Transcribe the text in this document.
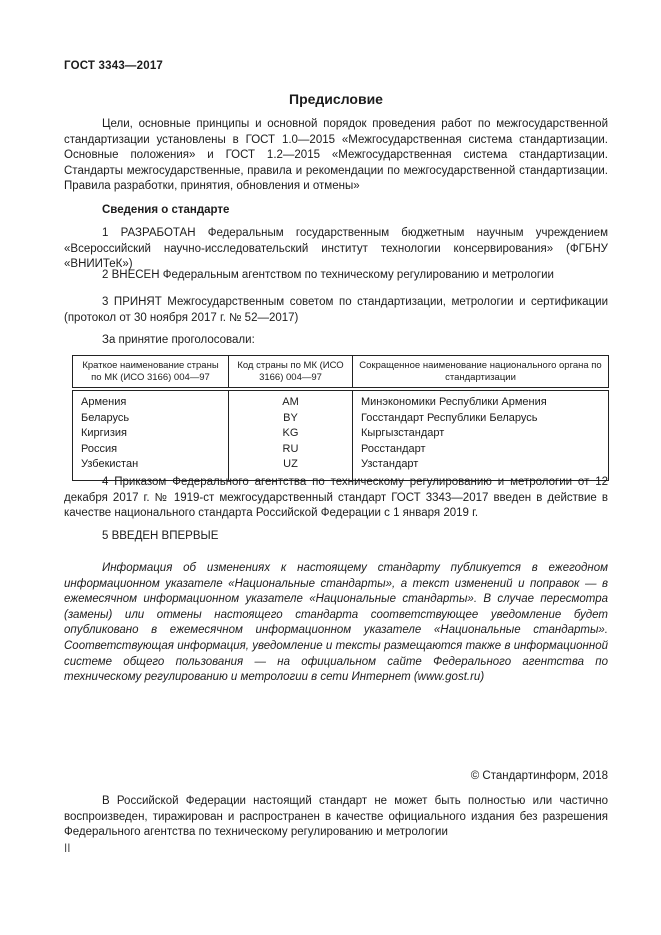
ГОСТ 3343—2017
Предисловие

Цели, основные принципы и основной порядок проведения работ по межгосударственной стандартизации установлены в ГОСТ 1.0—2015 «Межгосударственная система стандартизации. Основные положения» и ГОСТ 1.2—2015 «Межгосударственная система стандартизации. Стандарты межгосударственные, правила и рекомендации по межгосударственной стандартизации. Правила разработки, принятия, обновления и отмены»

Сведения о стандарте

1 РАЗРАБОТАН Федеральным государственным бюджетным научным учреждением «Всероссийский научно-исследовательский институт технологии консервирования» (ФГБНУ «ВНИИТеК»)

2 ВНЕСЕН Федеральным агентством по техническому регулированию и метрологии

3 ПРИНЯТ Межгосударственным советом по стандартизации, метрологии и сертификации (протокол от 30 ноября 2017 г. № 52—2017)

За принятие проголосовали:

Краткое наименование страны по МК (ИСО 3166) 004—97	Код страны по МК (ИСО 3166) 004—97	Сокращенное наименование национального органа по стандартизации
Армения	AM	Минэкономики Республики Армения
Беларусь	BY	Госстандарт Республики Беларусь
Киргизия	KG	Кыргызстандарт
Россия	RU	Росстандарт
Узбекистан	UZ	Узстандарт

4 Приказом Федерального агентства по техническому регулированию и метрологии от 12 декабря 2017 г. № 1919-ст межгосударственный стандарт ГОСТ 3343—2017 введен в действие в качестве национального стандарта Российской Федерации с 1 января 2019 г.

5 ВВЕДЕН ВПЕРВЫЕ

Информация об изменениях к настоящему стандарту публикуется в ежегодном информационном указателе «Национальные стандарты», а текст изменений и поправок — в ежемесячном информационном указателе «Национальные стандарты». В случае пересмотра (замены) или отмены настоящего стандарта соответствующее уведомление будет опубликовано в ежемесячном информационном указателе «Национальные стандарты». Соответствующая информация, уведомление и тексты размещаются также в информационной системе общего пользования — на официальном сайте Федерального агентства по техническому регулированию и метрологии в сети Интернет (www.gost.ru)

© Стандартинформ, 2018

В Российской Федерации настоящий стандарт не может быть полностью или частично воспроизведен, тиражирован и распространен в качестве официального издания без разрешения Федерального агентства по техническому регулированию и метрологии

II
